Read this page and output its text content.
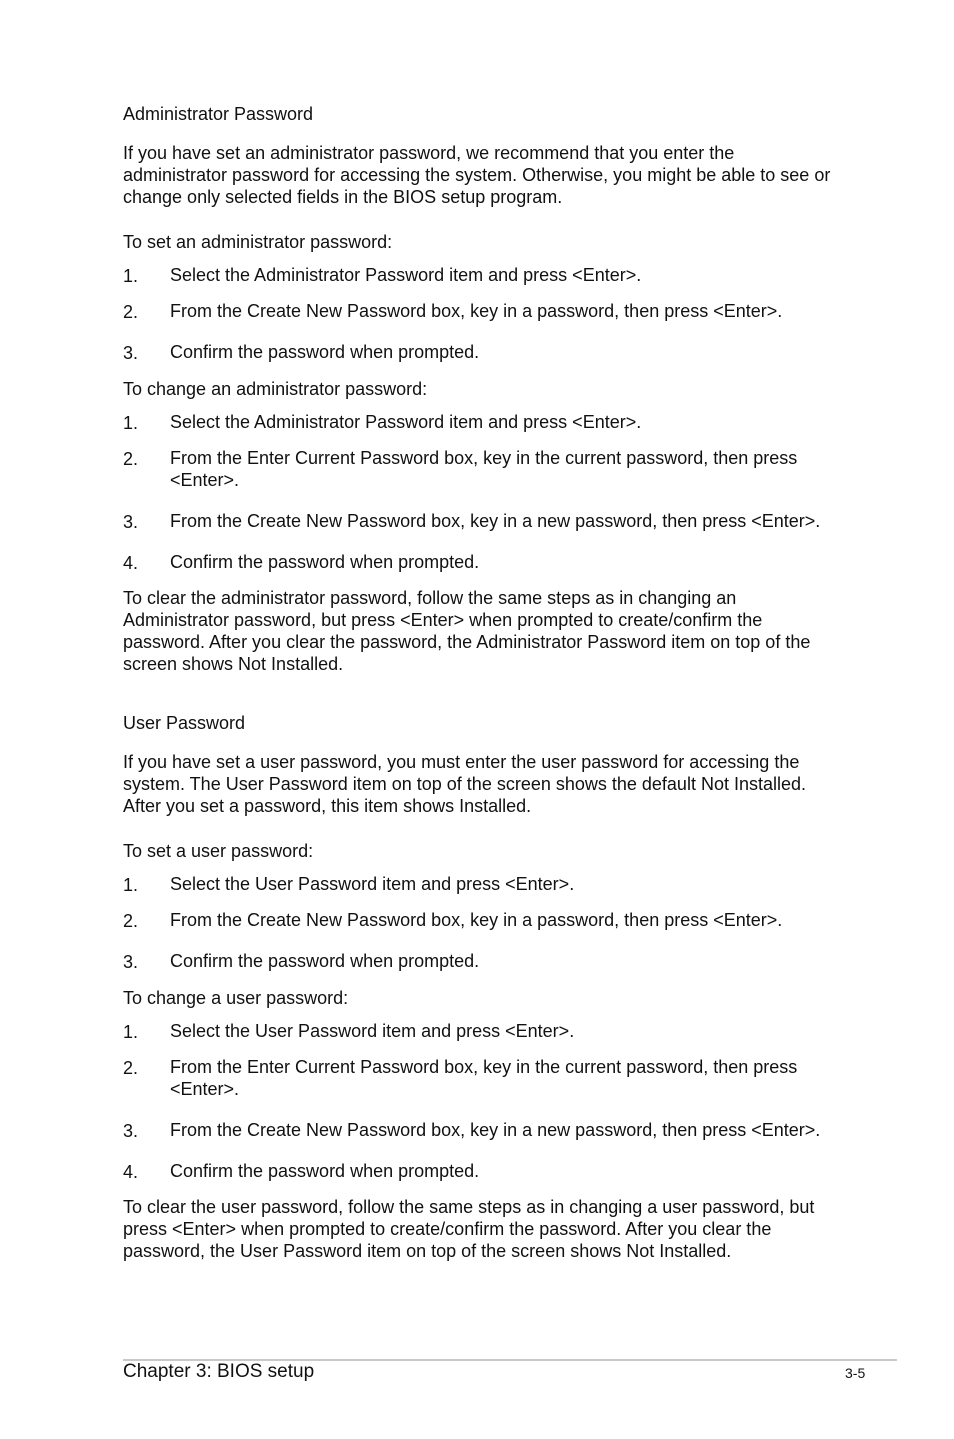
Administrator Password

If you have set an administrator password, we recommend that you enter the administrator password for accessing the system. Otherwise, you might be able to see or change only selected fields in the BIOS setup program.

To set an administrator password:

1. Select the Administrator Password item and press <Enter>.
2. From the Create New Password box, key in a password, then press <Enter>.
3. Confirm the password when prompted.

To change an administrator password:

1. Select the Administrator Password item and press <Enter>.
2. From the Enter Current Password box, key in the current password, then press <Enter>.
3. From the Create New Password box, key in a new password, then press <Enter>.
4. Confirm the password when prompted.

To clear the administrator password, follow the same steps as in changing an Administrator password, but press <Enter> when prompted to create/confirm the password. After you clear the password, the Administrator Password item on top of the screen shows Not Installed.

User Password

If you have set a user password, you must enter the user password for accessing the system. The User Password item on top of the screen shows the default Not Installed. After you set a password, this item shows Installed.

To set a user password:

1. Select the User Password item and press <Enter>.
2. From the Create New Password box, key in a password, then press <Enter>.
3. Confirm the password when prompted.

To change a user password:

1. Select the User Password item and press <Enter>.
2. From the Enter Current Password box, key in the current password, then press <Enter>.
3. From the Create New Password box, key in a new password, then press <Enter>.
4. Confirm the password when prompted.

To clear the user password, follow the same steps as in changing a user password, but press <Enter> when prompted to create/confirm the password. After you clear the password, the User Password item on top of the screen shows Not Installed.

Chapter 3: BIOS setup	3-5
